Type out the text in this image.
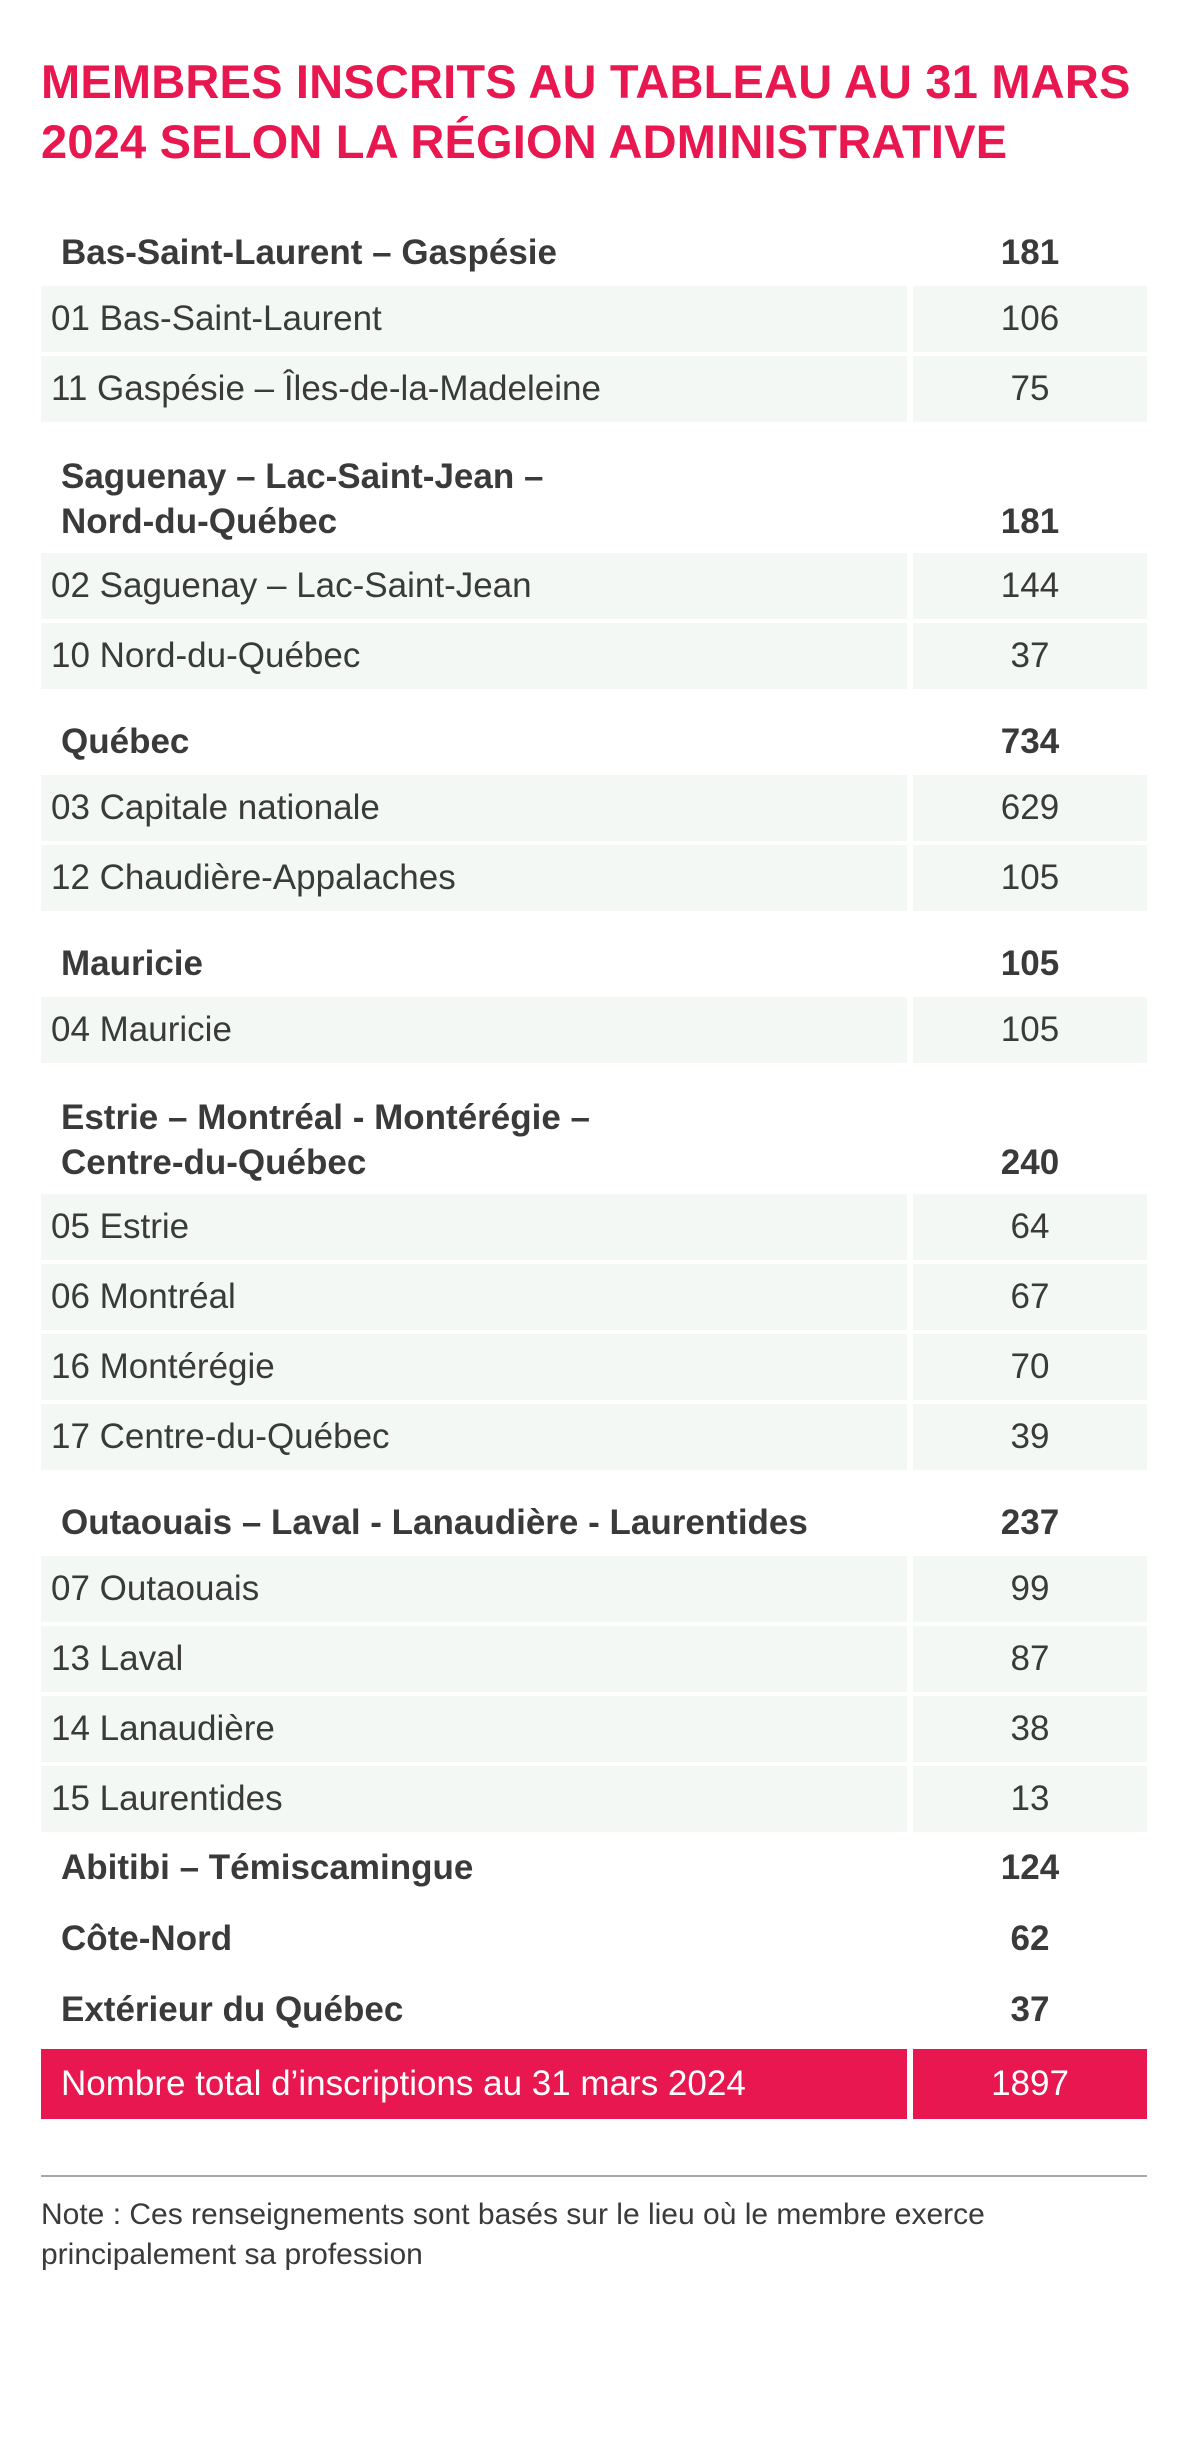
MEMBRES INSCRITS AU TABLEAU AU 31 MARS 2024 SELON LA RÉGION ADMINISTRATIVE
Bas-Saint-Laurent – Gaspésie	181
01 Bas-Saint-Laurent	106
11 Gaspésie – Îles-de-la-Madeleine	75
Saguenay – Lac-Saint-Jean –
Nord-du-Québec	181
02 Saguenay – Lac-Saint-Jean	144
10 Nord-du-Québec	37
Québec	734
03 Capitale nationale	629
12 Chaudière-Appalaches	105
Mauricie	105
04 Mauricie	105
Estrie – Montréal - Montérégie –
Centre-du-Québec	240
05 Estrie	64
06 Montréal	67
16 Montérégie	70
17 Centre-du-Québec	39
Outaouais – Laval - Lanaudière - Laurentides	237
07 Outaouais	99
13 Laval	87
14 Lanaudière	38
15 Laurentides	13
Abitibi – Témiscamingue	124
Côte-Nord	62
Extérieur du Québec	37
Nombre total d’inscriptions au 31 mars 2024	1897

Note : Ces renseignements sont basés sur le lieu où le membre exerce principalement sa profession
